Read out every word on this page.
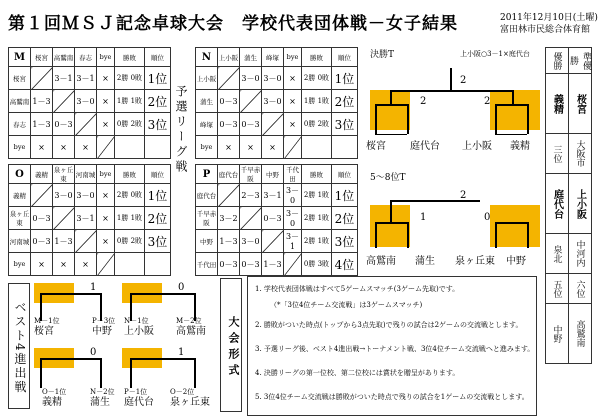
第１回ＭＳＪ記念卓球大会　学校代表団体戦－女子結果	2011年12月10日(土曜)
富田林市民総合体育館
M	桜宮	高鷲南	春志	bye	勝敗	順位
桜宮		3－1	3－1	×	2勝 0敗	1位
高鷲南	1－3		3－0	×	1勝 1敗	2位
春志	1－3	0－3		×	0勝 2敗	3位
bye	×	×	×			
N	上小阪	蒲生	峰塚	bye	勝敗	順位
上小阪		3－0	3－0	×	2勝 0敗	1位
蒲生	0－3		3－0	×	1勝 1敗	2位
峰塚	0－3	0－3		×	0勝 2敗	3位
bye	×	×	×			
O	義精	泉ヶ丘東	河南城	bye	勝敗	順位
義精		3－0	3－0	×	2勝 0敗	1位
泉ヶ丘東	0－3		3－1	×	1勝 1敗	2位
河南城	0－3	1－3		×	0勝 2敗	3位
bye	×	×	×			
P	庭代台	千早赤阪	中野	千代田	勝敗	順位
庭代台		2－3	3－1	3－0	2勝 1敗	1位
千早赤阪	3－2		0－3	3－0	2勝 1敗	2位
中野	1－3	3－0		3－1	2勝 1敗	3位
千代田	0－3	0－3	1－3		0勝 3敗	4位
予選リーグ戦
決勝T	上小阪○3－1×庭代台
2
2	2
桜宮 庭代台 上小阪 義精
5～8位T
2
1	0
高鷲南 蒲生 泉ヶ丘東 中野
ベスト4進出戦
1
桜宮	中野
M－1位	P－3位
0
上小阪 高鷲南
N－1位	M－2位
0
義精	蒲生
O－1位	N－2位
1
庭代台 泉ヶ丘東
P－1位	O－2位
大会形式
1. 学校代表団体戦はすべて5ゲームスマッチ(3ゲーム先取)です。
（*「3位4位チーム交流戦」は3ゲームスマッチ)
2. 勝敗がついた時点(トップから3点先取)で残りの試合は2ゲームの交流戦とします。
3. 予選リーグ後、ベスト4進出戦→トーナメント戦、3位4位チーム交流戦へと進みます。
4. 決勝リーグの第一位校、第二位校には賞状を贈呈があります。
5. 3位4位チーム交流戦は勝敗がついた時点で残りの試合を1ゲームの交流戦とします。
優勝	準優勝
義精	桜宮
三位	大阪市
庭代台	上小阪
泉北	中河内
五位	六位
中野	高鷲南
